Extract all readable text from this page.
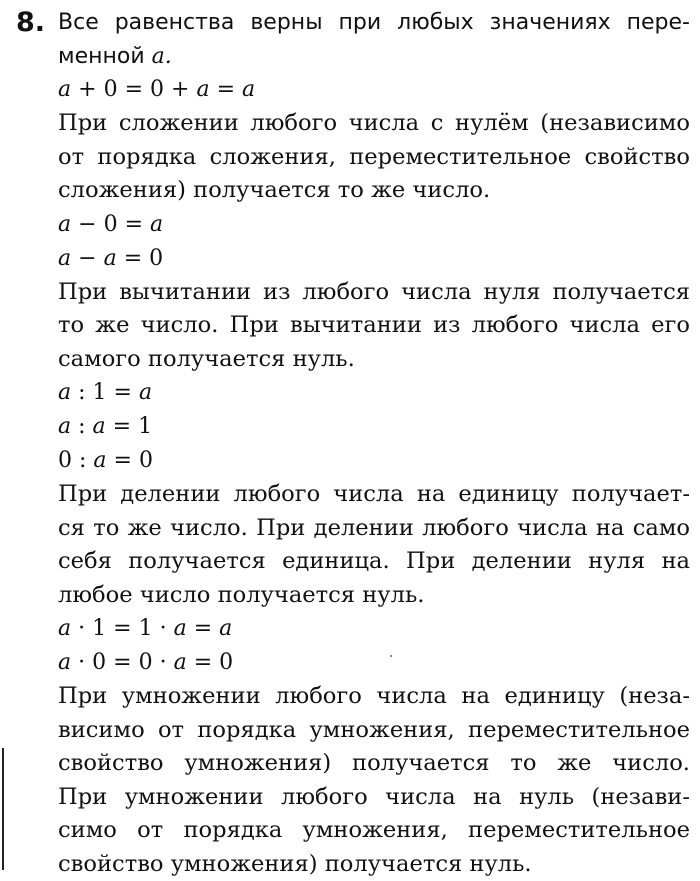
8. Все равенства верны при любых значениях пере-
менной a.

a + 0 = 0 + a = a

При сложении любого числа с нулём (независимо
от порядка сложения, переместительное свойство
сложения) получается то же число.

a − 0 = a

a − a = 0

При вычитании из любого числа нуля получается
то же число. При вычитании из любого числа его
самого получается нуль.

a : 1 = a

a : a = 1

0 : a = 0

При делении любого числа на единицу получает-
ся то же число. При делении любого числа на само
себя получается единица. При делении нуля на
любое число получается нуль.

a · 1 = 1 · a = a

a · 0 = 0 · a = 0

При умножении любого числа на единицу (неза-
висимо от порядка умножения, переместительное
свойство умножения) получается то же число.
При умножении любого числа на нуль (незави-
симо от порядка умножения, переместительное
свойство умножения) получается нуль.
